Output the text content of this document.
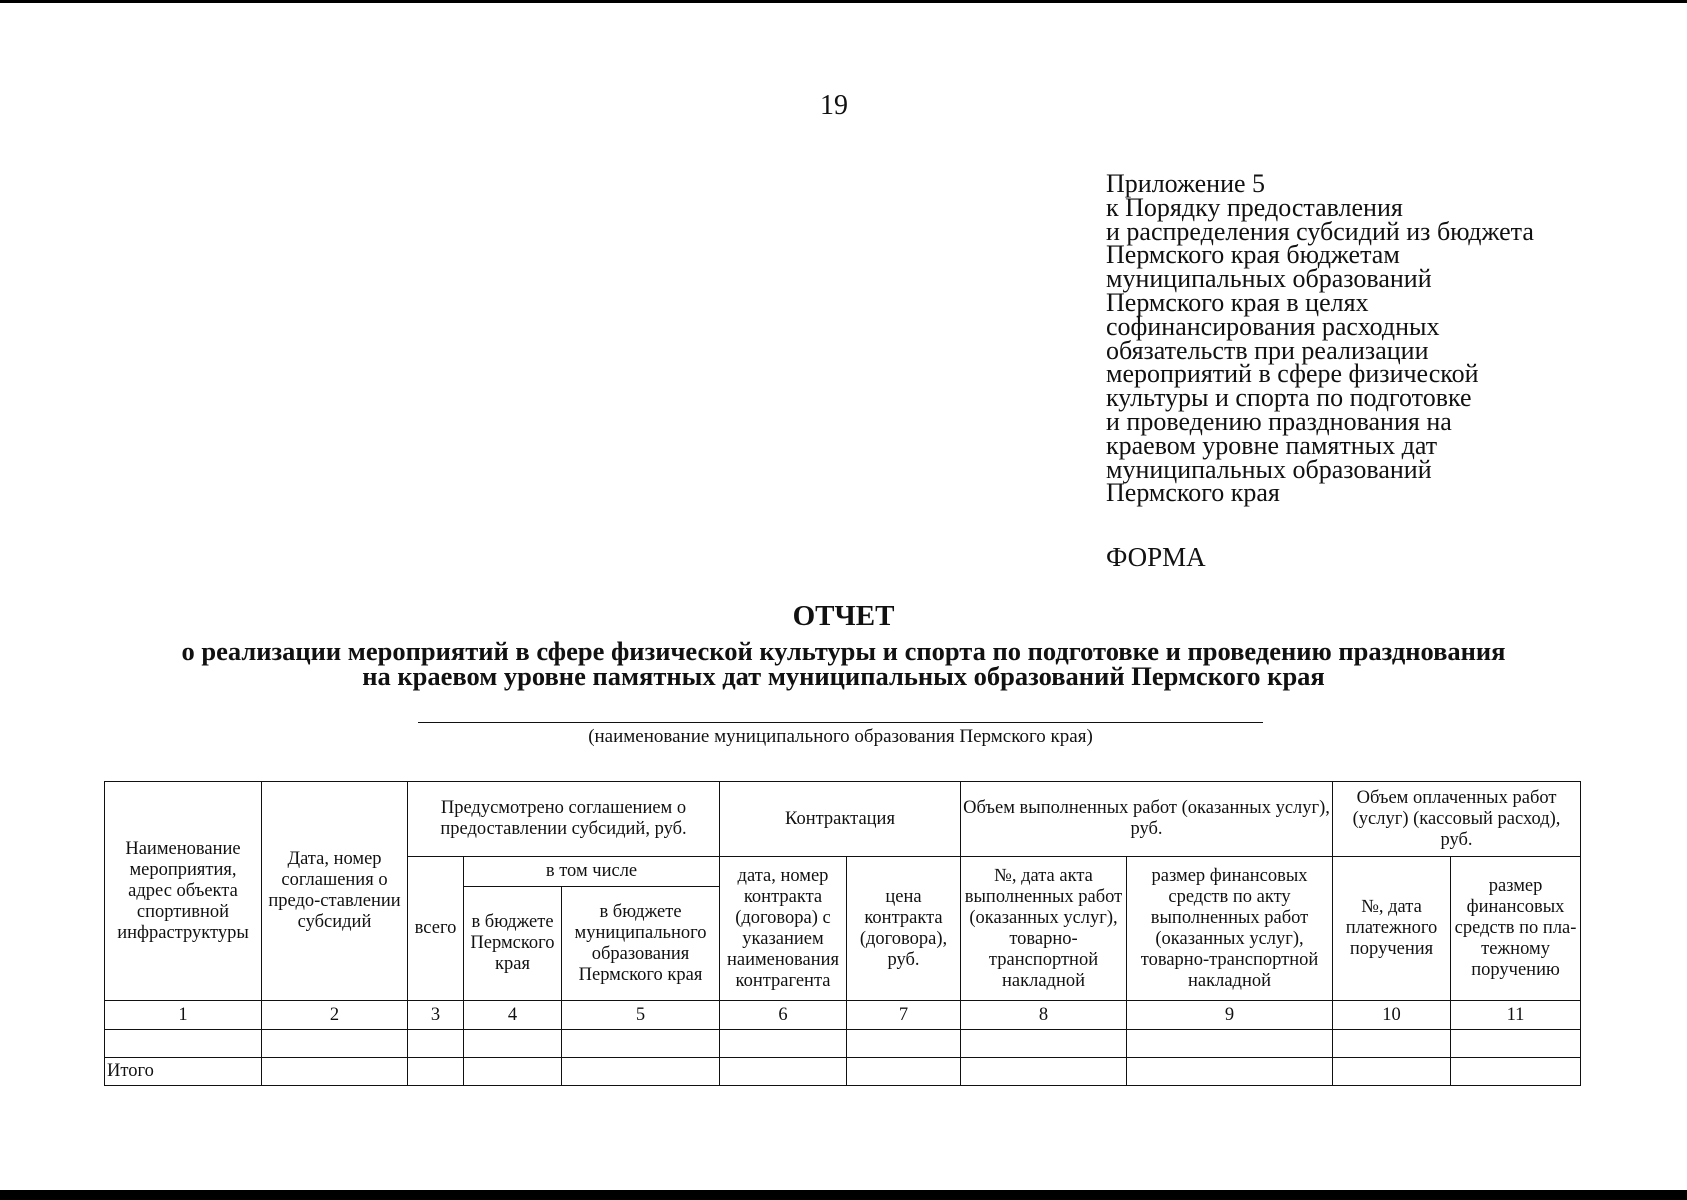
19
Приложение 5
к Порядку предоставления
и распределения субсидий из бюджета
Пермского края бюджетам
муниципальных образований
Пермского края в целях
софинансирования расходных
обязательств при реализации
мероприятий в сфере физической
культуры и спорта по подготовке
и проведению празднования на
краевом уровне памятных дат
муниципальных образований
Пермского края
ФОРМА
ОТЧЕТ
о реализации мероприятий в сфере физической культуры и спорта по подготовке и проведению празднования на краевом уровне памятных дат муниципальных образований Пермского края
(наименование муниципального образования Пермского края)
Наименование мероприятия, адрес объекта спортивной инфраструктуры	Дата, номер соглашения о предо-ставлении субсидий	Предусмотрено соглашением о предоставлении субсидий, руб.			Контрактация		Объем выполненных работ (оказанных услуг), руб.		Объем оплаченных работ (услуг) (кассовый расход), руб.	
		всего	в том числе		дата, номер контракта (договора) с указанием наименования контрагента	цена контракта (договора), руб.	№, дата акта выполненных работ (оказанных услуг), товарно-транспортной накладной	размер финансовых средств по акту выполненных работ (оказанных услуг), товарно-транспортной накладной	№, дата платежного поручения	размер финансовых средств по пла-тежному поручению
			в бюджете Пермского края	в бюджете муниципального образования Пермского края						
1	2	3	4	5	6	7	8	9	10	11

Итого										
